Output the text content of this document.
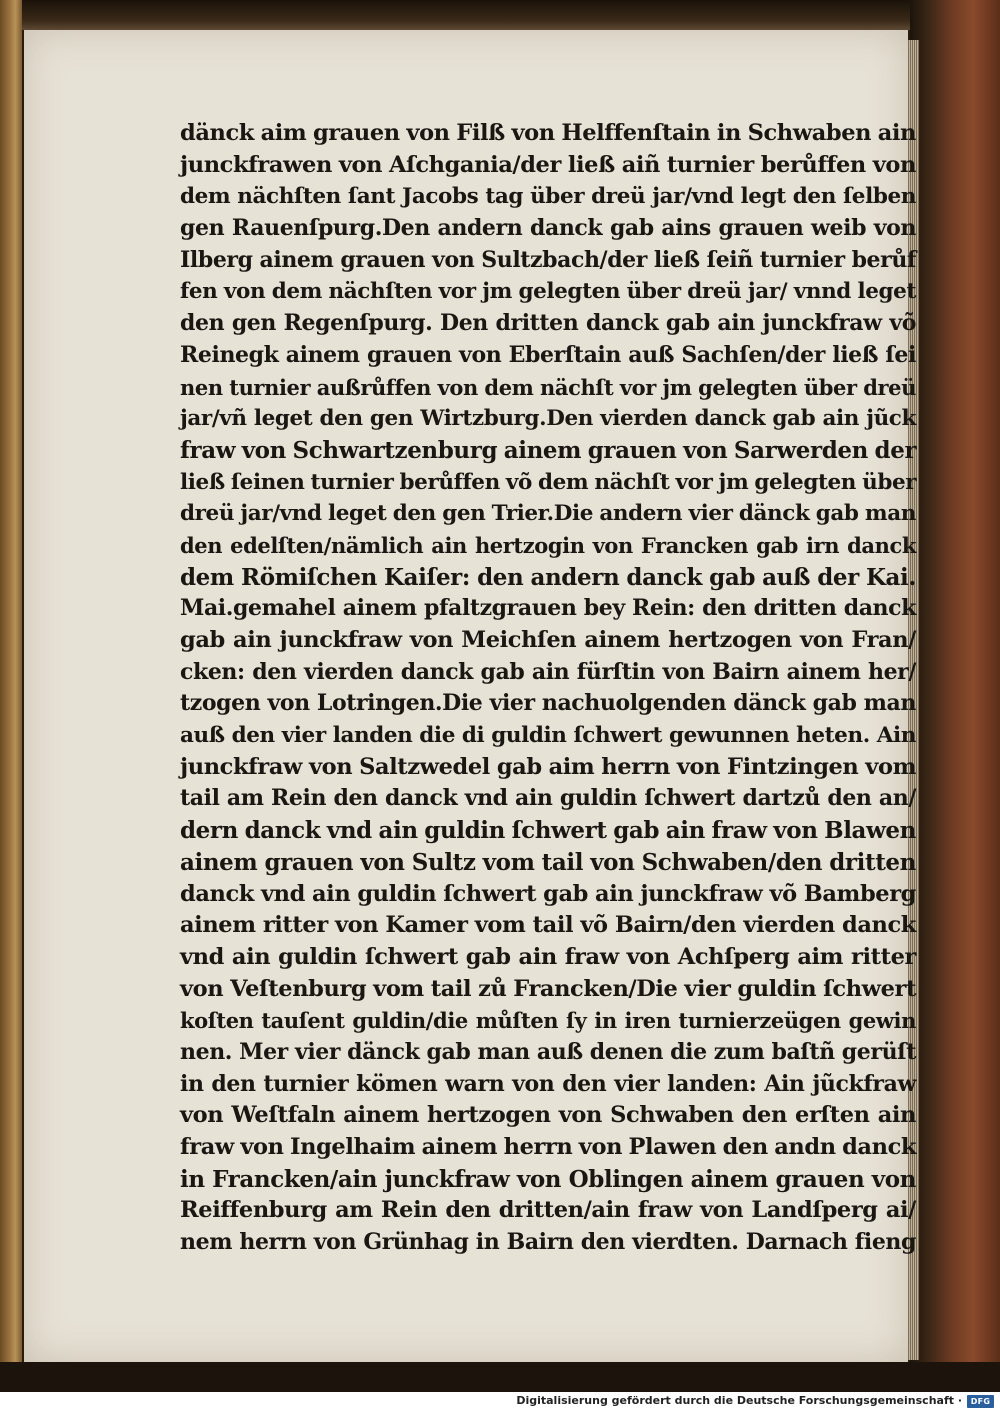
dänck aim grauen von Filß von Helffenſtain in Schwaben ain
junckfrawen von Aſchgania/der ließ aiñ turnier berůffen von
dem nächſten ſant Jacobs tag über dreü jar/vnd legt den ſelben
gen Rauenſpurg.Den andern danck gab ains grauen weib von
Ilberg ainem grauen von Sultzbach/der ließ ſeiñ turnier berůf
fen von dem nächſten vor jm gelegten über dreü jar/ vnnd leget
den gen Regenſpurg. Den dritten danck gab ain junckfraw võ
Reinegk ainem grauen von Eberſtain auß Sachſen/der ließ ſei
nen turnier außrůffen von dem nächſt vor jm gelegten über dreü
jar/vñ leget den gen Wirtzburg.Den vierden danck gab ain jũck
fraw von Schwartzenburg ainem grauen von Sarwerden der
ließ ſeinen turnier berůffen võ dem nächſt vor jm gelegten über
dreü jar/vnd leget den gen Trier.Die andern vier dänck gab man
den edelſten/nämlich ain hertzogin von Francken gab irn danck
dem Römiſchen Kaiſer: den andern danck gab auß der Kai.
Mai.gemahel ainem pfaltzgrauen bey Rein: den dritten danck
gab ain junckfraw von Meichſen ainem hertzogen von Fran/
cken: den vierden danck gab ain fürſtin von Bairn ainem her/
tzogen von Lotringen.Die vier nachuolgenden dänck gab man
auß den vier landen die di guldin ſchwert gewunnen heten. Ain
junckfraw von Saltzwedel gab aim herrn von Fintzingen vom
tail am Rein den danck vnd ain guldin ſchwert dartzů den an/
dern danck vnd ain guldin ſchwert gab ain fraw von Blawen
ainem grauen von Sultz vom tail von Schwaben/den dritten
danck vnd ain guldin ſchwert gab ain junckfraw võ Bamberg
ainem ritter von Kamer vom tail võ Bairn/den vierden danck
vnd ain guldin ſchwert gab ain fraw von Achſperg aim ritter
von Veſtenburg vom tail zů Francken/Die vier guldin ſchwert
koſten tauſent guldin/die můſten ſy in iren turnierzeügen gewin
nen. Mer vier dänck gab man auß denen die zum baſtñ gerüſt
in den turnier kömen warn von den vier landen: Ain jũckfraw
von Weſtfaln ainem hertzogen von Schwaben den erſten ain
fraw von Ingelhaim ainem herrn von Plawen den andn danck
in Francken/ain junckfraw von Oblingen ainem grauen von
Reiffenburg am Rein den dritten/ain fraw von Landſperg ai/
nem herrn von Grünhag in Bairn den vierdten. Darnach fieng
Digitalisierung gefördert durch die Deutsche Forschungsgemeinschaft ·	DFG
